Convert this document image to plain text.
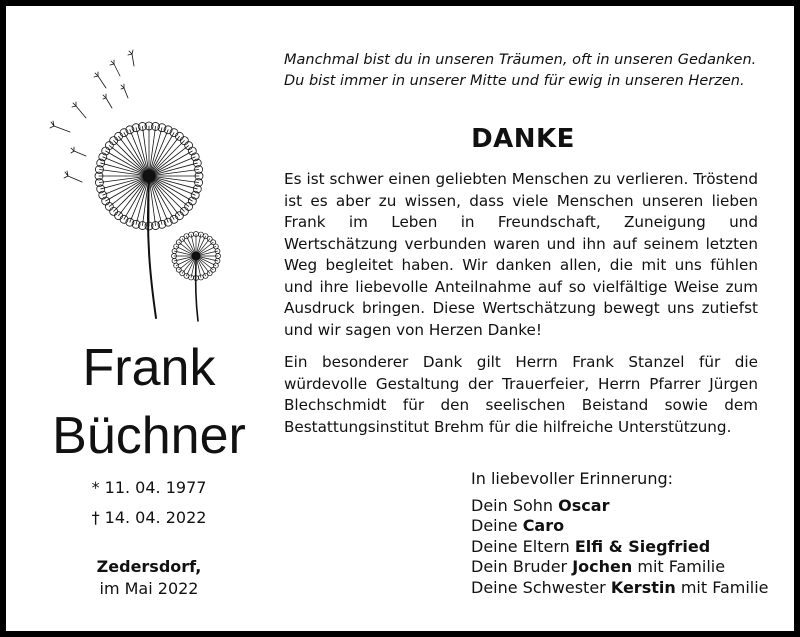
Manchmal bist du in unseren Träumen, oft in unseren Gedanken.
Du bist immer in unserer Mitte und für ewig in unseren Herzen.
DANKE
Es ist schwer einen geliebten Menschen zu verlieren. Tröstend ist es aber zu wissen, dass viele Menschen unseren lieben Frank im Leben in Freundschaft, Zuneigung und Wertschätzung verbunden waren und ihn auf seinem letzten Weg begleitet haben. Wir danken allen, die mit uns fühlen und ihre liebevolle Anteilnahme auf so vielfältige Weise zum Ausdruck bringen. Diese Wertschätzung bewegt uns zutiefst und wir sagen von Herzen Danke!
Ein besonderer Dank gilt Herrn Frank Stanzel für die würdevolle Gestaltung der Trauerfeier, Herrn Pfarrer Jürgen Blechschmidt für den seelischen Beistand sowie dem Bestattungsinstitut Brehm für die hilfreiche Unterstützung.
Frank
Büchner
* 11. 04. 1977
† 14. 04. 2022
Zedersdorf,
im Mai 2022
In liebevoller Erinnerung:
Dein Sohn Oscar
Deine Caro
Deine Eltern Elfi & Siegfried
Dein Bruder Jochen mit Familie
Deine Schwester Kerstin mit Familie
